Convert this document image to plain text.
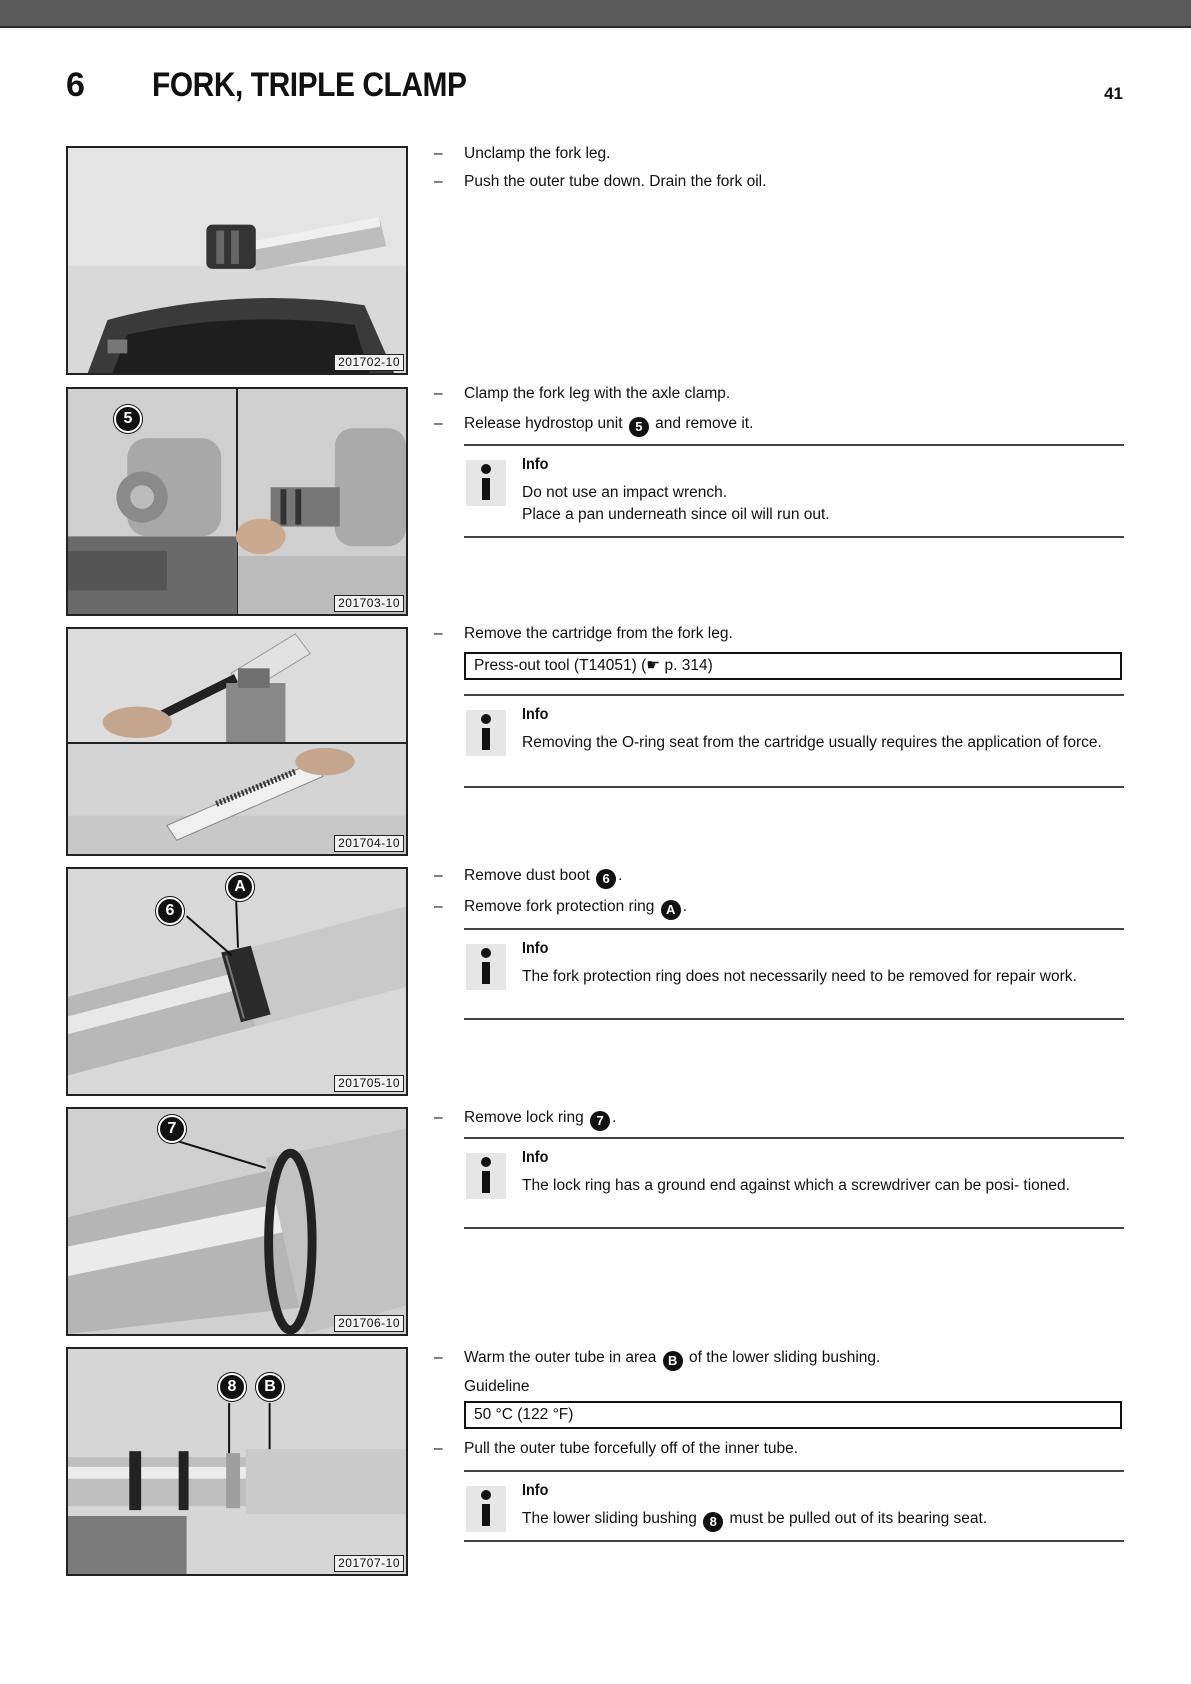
6 FORK, TRIPLE CLAMP	41
201702-10
5
201703-10
201704-10
6
A
201705-10
7
201706-10
8	B
201707-10
– Unclamp the fork leg.
– Push the outer tube down. Drain the fork oil.
– Clamp the fork leg with the axle clamp.
– Release hydrostop unit 5 and remove it.
Info
Do not use an impact wrench.
Place a pan underneath since oil will run out.
– Remove the cartridge from the fork leg.
Press-out tool (T14051) (☛ p. 314)
Info
Removing the O-ring seat from the cartridge usually requires the application of force.
– Remove dust boot 6 .
– Remove fork protection ring A .
Info
The fork protection ring does not necessarily need to be removed for repair work.
– Remove lock ring 7 .
Info
The lock ring has a ground end against which a screwdriver can be posi- tioned.
– Warm the outer tube in area B of the lower sliding bushing.
Guideline
50 °C (122 °F)
– Pull the outer tube forcefully off of the inner tube.
Info
The lower sliding bushing 8 must be pulled out of its bearing seat.
